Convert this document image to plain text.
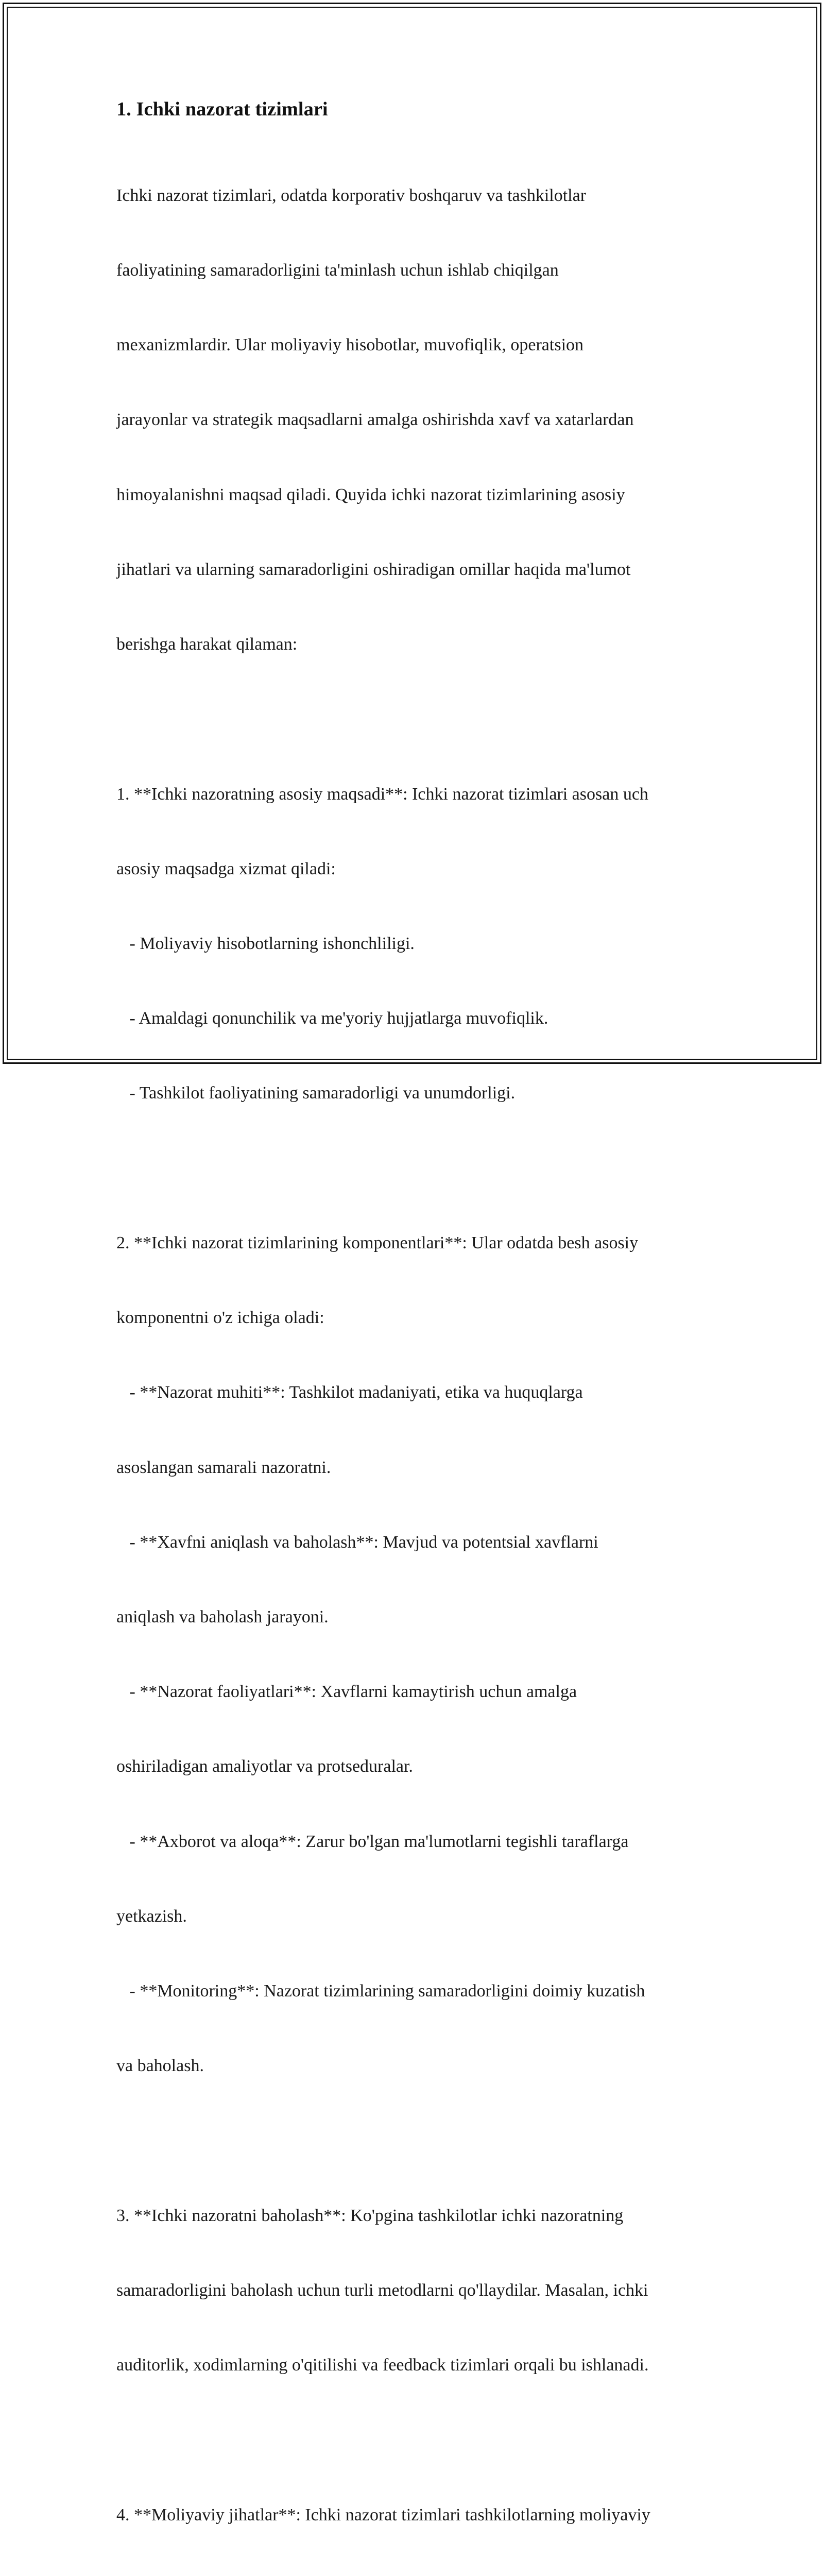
1. Ichki nazorat tizimlari

Ichki nazorat tizimlari, odatda korporativ boshqaruv va tashkilotlar

faoliyatining samaradorligini ta'minlash uchun ishlab chiqilgan

mexanizmlardir. Ular moliyaviy hisobotlar, muvofiqlik, operatsion

jarayonlar va strategik maqsadlarni amalga oshirishda xavf va xatarlardan

himoyalanishni maqsad qiladi. Quyida ichki nazorat tizimlarining asosiy

jihatlari va ularning samaradorligini oshiradigan omillar haqida ma'lumot

berishga harakat qilaman:

1. **Ichki nazoratning asosiy maqsadi**: Ichki nazorat tizimlari asosan uch

asosiy maqsadga xizmat qiladi:

- Moliyaviy hisobotlarning ishonchliligi.

- Amaldagi qonunchilik va me'yoriy hujjatlarga muvofiqlik.

- Tashkilot faoliyatining samaradorligi va unumdorligi.

2. **Ichki nazorat tizimlarining komponentlari**: Ular odatda besh asosiy

komponentni o'z ichiga oladi:

- **Nazorat muhiti**: Tashkilot madaniyati, etika va huquqlarga

asoslangan samarali nazoratni.

- **Xavfni aniqlash va baholash**: Mavjud va potentsial xavflarni

aniqlash va baholash jarayoni.

- **Nazorat faoliyatlari**: Xavflarni kamaytirish uchun amalga

oshiriladigan amaliyotlar va protseduralar.

- **Axborot va aloqa**: Zarur bo'lgan ma'lumotlarni tegishli taraflarga

yetkazish.

- **Monitoring**: Nazorat tizimlarining samaradorligini doimiy kuzatish

va baholash.

3. **Ichki nazoratni baholash**: Ko'pgina tashkilotlar ichki nazoratning

samaradorligini baholash uchun turli metodlarni qo'llaydilar. Masalan, ichki

auditorlik, xodimlarning o'qitilishi va feedback tizimlari orqali bu ishlanadi.

4. **Moliyaviy jihatlar**: Ichki nazorat tizimlari tashkilotlarning moliyaviy
